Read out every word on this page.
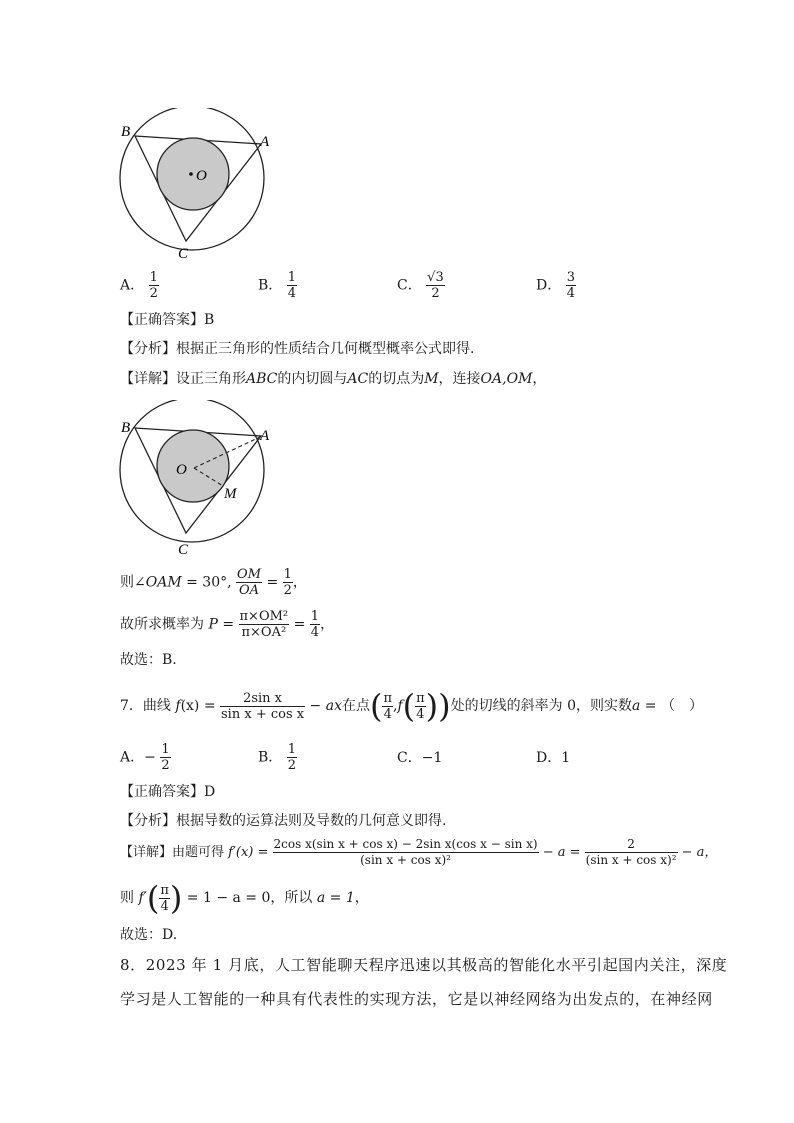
B
A
C
O
A． $\frac{1}{2}$	B． $\frac{1}{4}$	C． $\frac{√3}{2}$	D． $\frac{3}{4}$
【正确答案】B
【分析】根据正三角形的性质结合几何概型概率公式即得.
【详解】设正三角形ABC的内切圆与AC的切点为M，连接OA,OM，
B	A
C
O
M
则∠OAM = 30°, $\frac{OM}{OA} = \frac{1}{2}$ ，
故所求概率为 $P = \frac{\text{π×OM²}}{\text{π×OA²}} = \frac{1}{4}$ ，
故选：B.
7．曲线 $f(x) = \frac{\text{2sin x}}{\text{sin x + cos x}}$ − ax在点( $\frac{\pi}{4} ,f( \frac{\pi}{4}$ ))处的切线的斜率为 0，则实数a = （　）
A．− $\frac{1}{2}$	B． $\frac{1}{2}$	C．−1	D．1
【正确答案】D
【分析】根据导数的运算法则及导数的几何意义即得.
【详解】由题可得 $f'(x) = \frac{\text{2cos x(sin x + cos x) − 2sin x(cos x − sin x)}}{\text{(sin x + cos x)²}} - a = \frac{2}{\text{(sin x + cos x)²}} - a$，
则 $f'( \frac{\pi}{4}$ ) = 1 − a = 0，所以 a = 1，
故选：D.
8．2023 年 1 月底，人工智能聊天程序迅速以其极高的智能化水平引起国内关注，深度
学习是人工智能的一种具有代表性的实现方法，它是以神经网络为出发点的，在神经网
